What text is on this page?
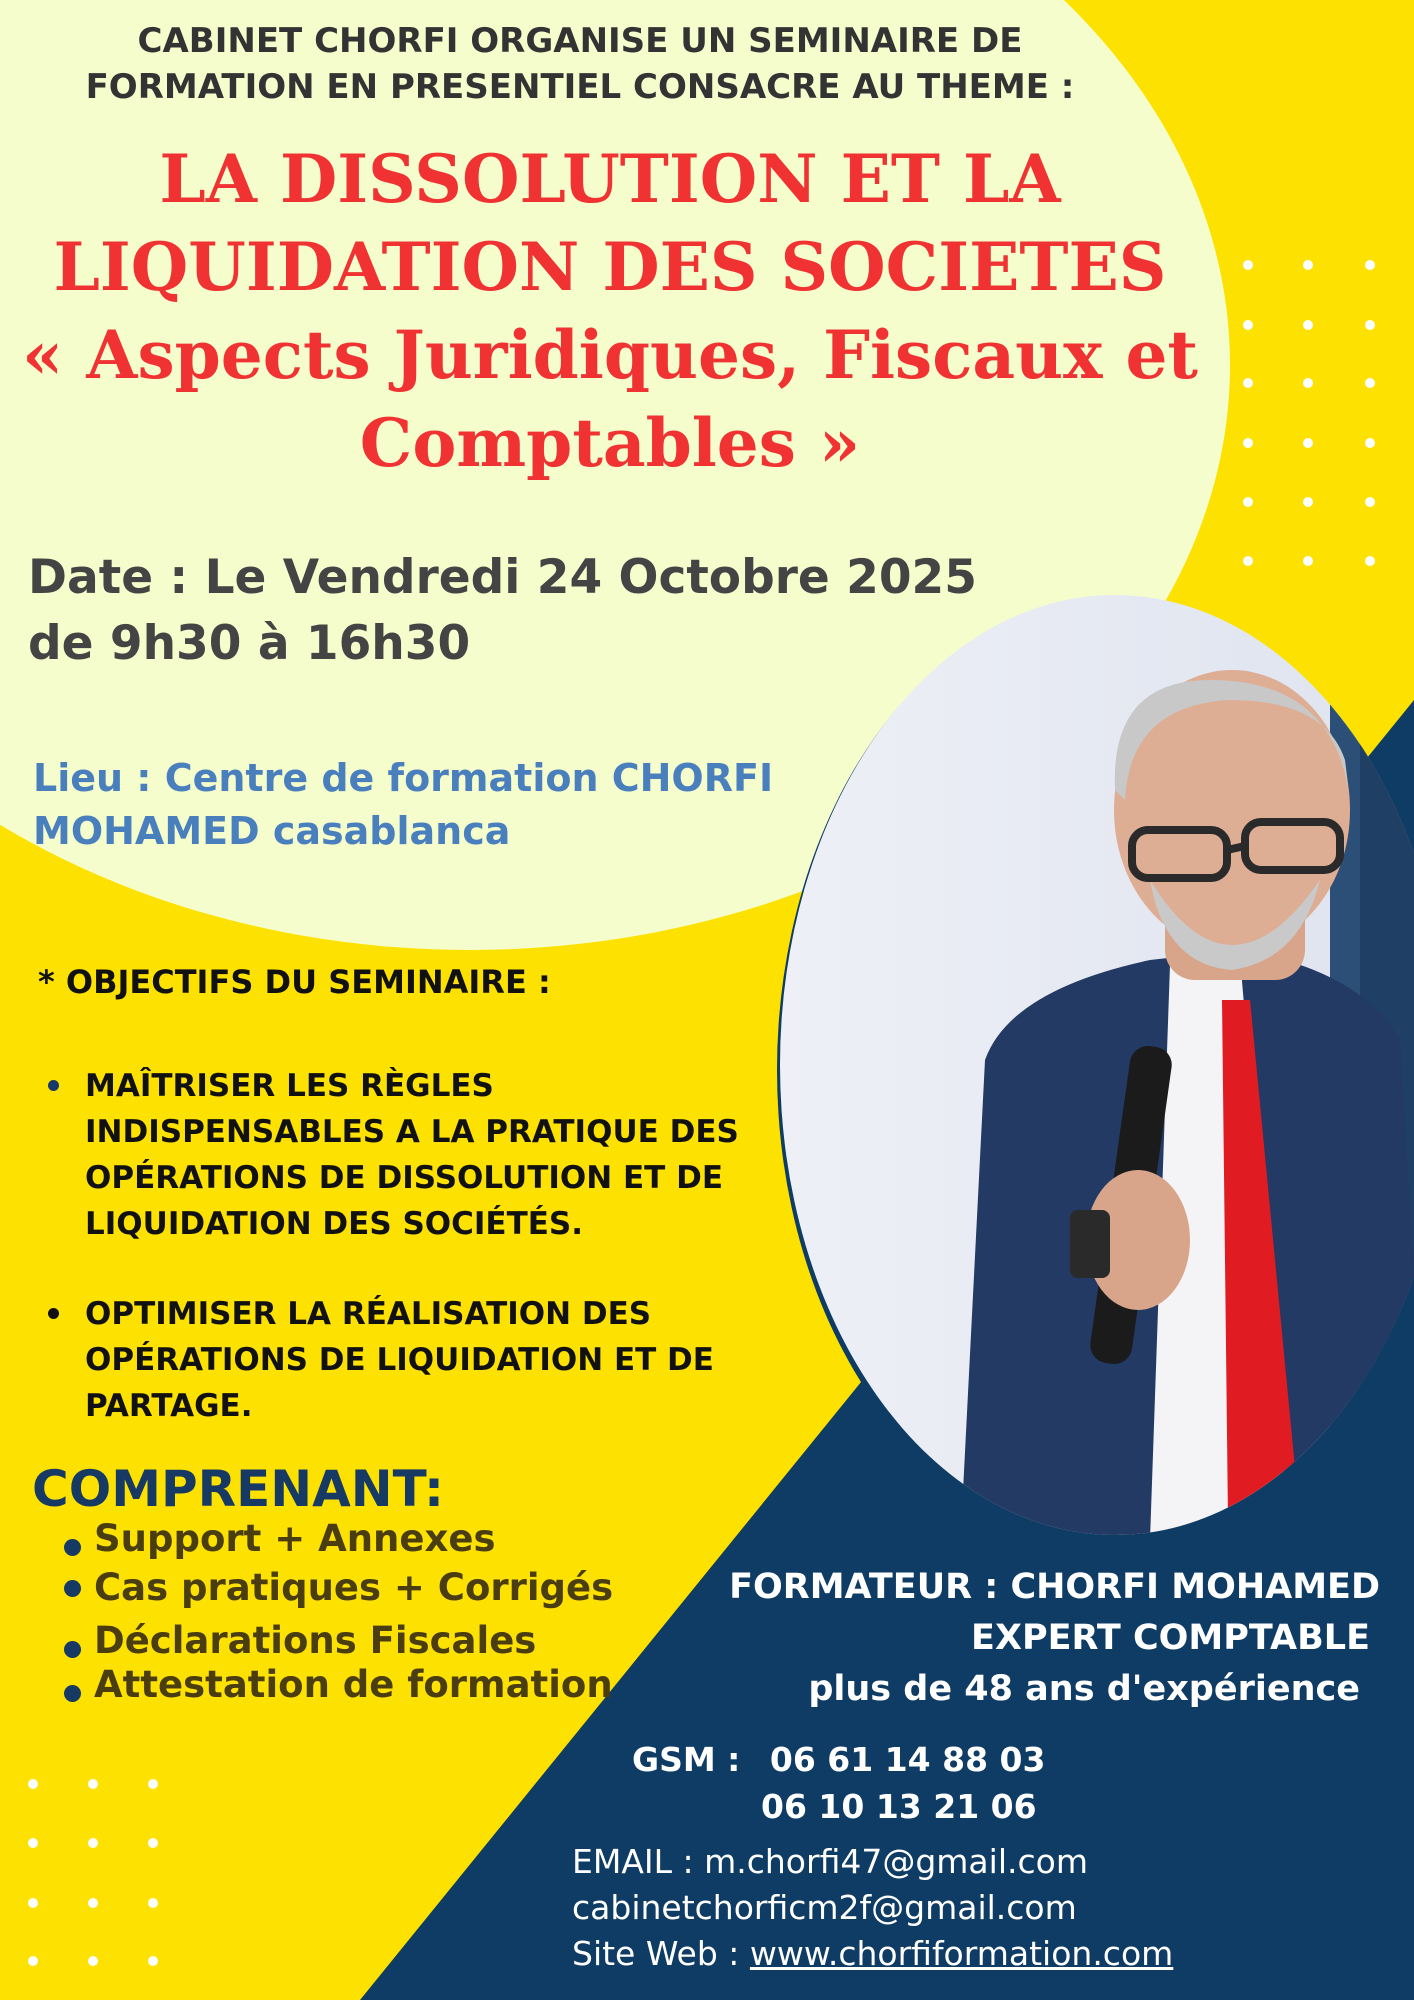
CABINET CHORFI ORGANISE UN SEMINAIRE DE
FORMATION EN PRESENTIEL CONSACRE AU THEME :
LA DISSOLUTION ET LA
LIQUIDATION DES SOCIETES
« Aspects Juridiques, Fiscaux et
Comptables »
Date : Le Vendredi 24 Octobre 2025
de 9h30 à 16h30
Lieu : Centre de formation CHORFI
MOHAMED casablanca
* OBJECTIFS DU SEMINAIRE :
MAÎTRISER LES RÈGLES INDISPENSABLES A LA PRATIQUE DES OPÉRATIONS DE DISSOLUTION ET DE LIQUIDATION DES SOCIÉTÉS.
OPTIMISER LA RÉALISATION DES OPÉRATIONS DE LIQUIDATION ET DE PARTAGE.
COMPRENANT:
Support + Annexes
Cas pratiques + Corrigés
Déclarations Fiscales
Attestation de formation
FORMATEUR : CHORFI MOHAMED
EXPERT COMPTABLE
plus de 48 ans d'expérience
GSM : 06 61 14 88 03
06 10 13 21 06
EMAIL : m.chorfi47@gmail.com
cabinetchorficm2f@gmail.com
Site Web : www.chorfiformation.com
